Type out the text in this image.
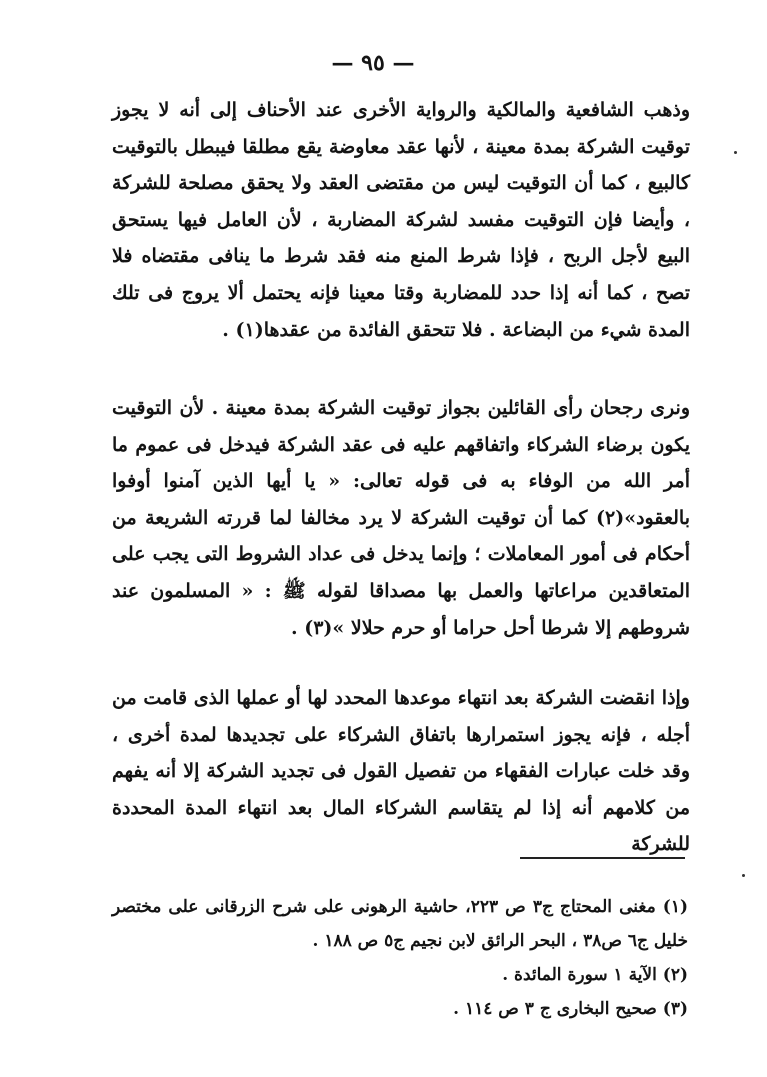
— ٩٥ —

وذهب الشافعية والمالكية والرواية الأخرى عند الأحناف إلى أنه لا يجوز توقيت الشركة بمدة معينة ، لأنها عقد معاوضة يقع مطلقا فيبطل بالتوقيت كالبيع ، كما أن التوقيت ليس من مقتضى العقد ولا يحقق مصلحة للشركة ، وأيضا فإن التوقيت مفسد لشركة المضاربة ، لأن العامل فيها يستحق البيع لأجل الربح ، فإذا شرط المنع منه فقد شرط ما ينافى مقتضاه فلا تصح ، كما أنه إذا حدد للمضاربة وقتا معينا فإنه يحتمل ألا يروج فى تلك المدة شيء من البضاعة . فلا تتحقق الفائدة من عقدها(١) .

ونرى رجحان رأى القائلين بجواز توقيت الشركة بمدة معينة . لأن التوقيت يكون برضاء الشركاء واتفاقهم عليه فى عقد الشركة فيدخل فى عموم ما أمر الله من الوفاء به فى قوله تعالى: « يا أيها الذين آمنوا أوفوا بالعقود»(٢) كما أن توقيت الشركة لا يرد مخالفا لما قررته الشريعة من أحكام فى أمور المعاملات ؛ وإنما يدخل فى عداد الشروط التى يجب على المتعاقدين مراعاتها والعمل بها مصداقا لقوله ﷺ : « المسلمون عند شروطهم إلا شرطا أحل حراما أو حرم حلالا »(٣) .

وإذا انقضت الشركة بعد انتهاء موعدها المحدد لها أو عملها الذى قامت من أجله ، فإنه يجوز استمرارها باتفاق الشركاء على تجديدها لمدة أخرى ، وقد خلت عبارات الفقهاء من تفصيل القول فى تجديد الشركة إلا أنه يفهم من كلامهم أنه إذا لم يتقاسم الشركاء المال بعد انتهاء المدة المحددة للشركة

(١) مغنى المحتاج ج٣ ص ٢٢٣، حاشية الرهونى على شرح الزرقانى على مختصر خليل ج٦ ص٣٨ ، البحر الرائق لابن نجيم ج٥ ص ١٨٨ .
(٢) الآية ١ سورة المائدة .
(٣) صحيح البخارى ج ٣ ص ١١٤ .
